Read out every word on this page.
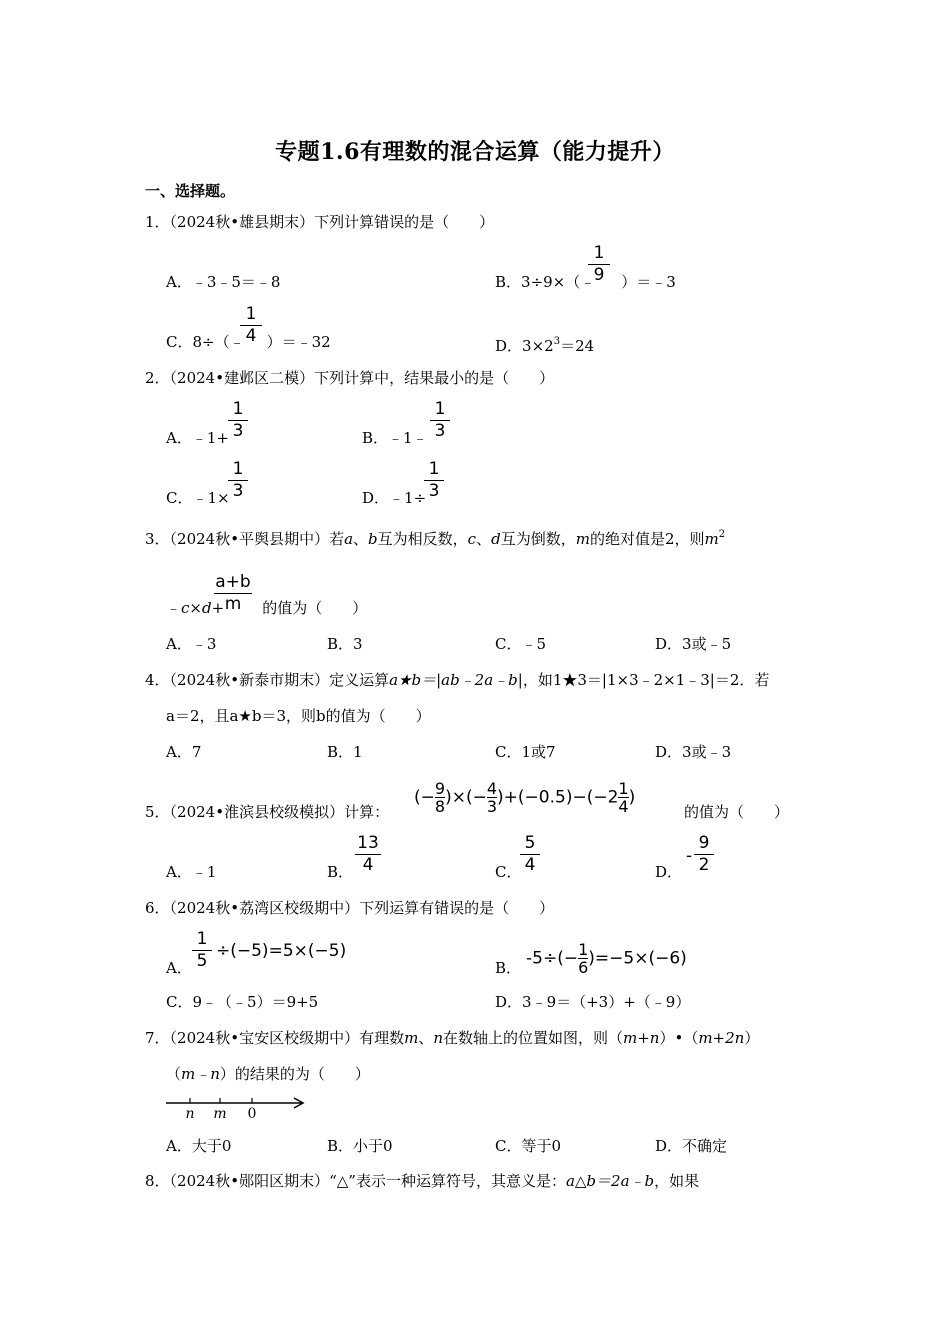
专题1.6有理数的混合运算（能力提升）
一、选择题。
1．（2024秋•雄县期末）下列计算错误的是（　　）
A．﹣3﹣5＝﹣8	B．3÷9×（﹣ ）＝﹣3
1
9
C．8÷（﹣ ）＝﹣32
1
4	D．$3\times 2^3=24$
2．（2024•建邺区二模）下列计算中，结果最小的是（　　）
A．﹣1+
1
3	B．﹣1﹣
1
3
C．﹣1×
1
3	D．﹣1÷
1
3
3．（2024秋•平舆县期中）若a、b互为相反数，c、d互为倒数，m的绝对值是2，则$m^2$
﹣c×d+	的值为（　　）
a+b
m
A．﹣3	B．3	C．﹣5	D．3或﹣5
4．（2024秋•新泰市期末）定义运算a★b＝|ab﹣2a﹣b|，如1★3＝|1×3﹣2×1﹣3|＝2．若
a＝2，且a★b＝3，则b的值为（　　）
A．7	B．1	C．1或7	D．3或﹣3
5．（2024•淮滨县校级模拟）计算：
(− $\frac{9}{8}$ )×(− $\frac{4}{3} )+(-0.5)-(-2 \frac{1}{4}$ )
的值为（　　）
A．﹣1	B．
13
4	C．
5
4	D．
-
9
2
6．（2024秋•荔湾区校级期中）下列运算有错误的是（　　）
A．
1
5 ÷(−5)=5×(−5)
B． $-5\div(- \frac{1}{6} )=-5\times(-6)$
C．9﹣（﹣5）＝9+5	D．3﹣9＝（+3）+（﹣9）
7．（2024秋•宝安区校级期中）有理数m、n在数轴上的位置如图，则（m+n）•（m+2n）
（m﹣n）的结果的为（　　）
n m 0
A．大于0	B．小于0	C．等于0	D．不确定
8．（2024秋•郧阳区期末）“△”表示一种运算符号，其意义是：a△b＝2a﹣b，如果
